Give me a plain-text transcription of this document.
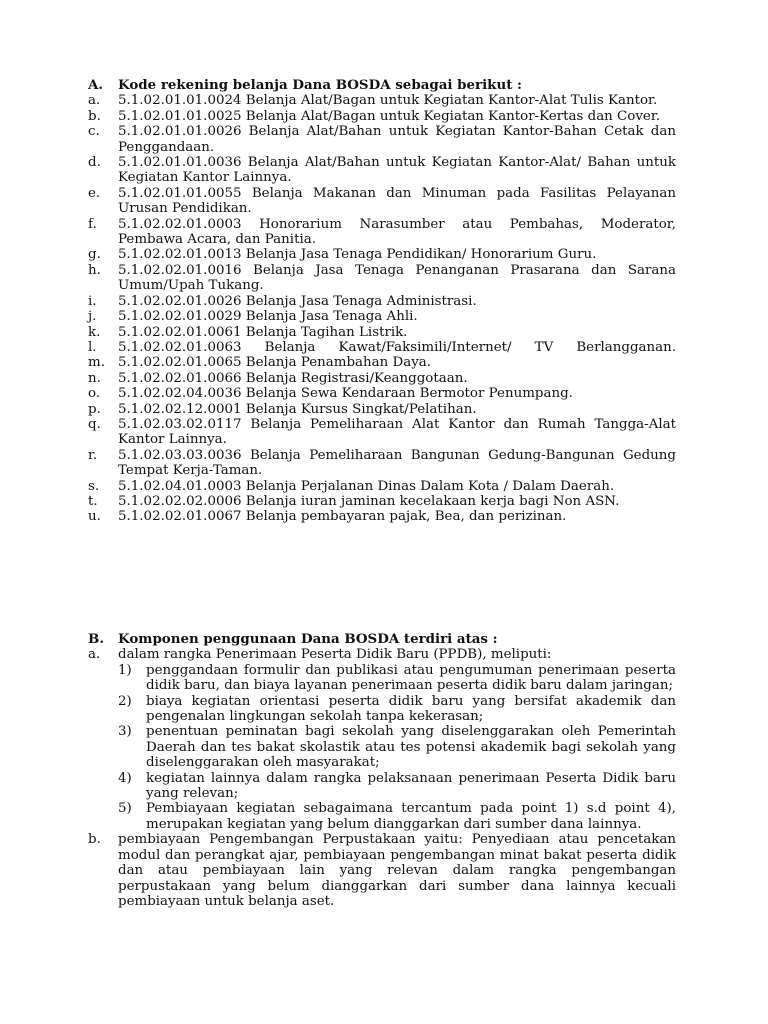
A. Kode rekening belanja Dana BOSDA sebagai berikut :
a. 5.1.02.01.01.0024 Belanja Alat/Bagan untuk Kegiatan Kantor-Alat Tulis Kantor.
b. 5.1.02.01.01.0025 Belanja Alat/Bagan untuk Kegiatan Kantor-Kertas dan Cover.
c. 5.1.02.01.01.0026 Belanja Alat/Bahan untuk Kegiatan Kantor-Bahan Cetak dan Penggandaan.
d. 5.1.02.01.01.0036 Belanja Alat/Bahan untuk Kegiatan Kantor-Alat/ Bahan untuk Kegiatan Kantor Lainnya.
e. 5.1.02.01.01.0055 Belanja Makanan dan Minuman pada Fasilitas Pelayanan Urusan Pendidikan.
f. 5.1.02.02.01.0003 Honorarium Narasumber atau Pembahas, Moderator, Pembawa Acara, dan Panitia.
g. 5.1.02.02.01.0013 Belanja Jasa Tenaga Pendidikan/ Honorarium Guru.
h. 5.1.02.02.01.0016 Belanja Jasa Tenaga Penanganan Prasarana dan Sarana Umum/Upah Tukang.
i. 5.1.02.02.01.0026 Belanja Jasa Tenaga Administrasi.
j. 5.1.02.02.01.0029 Belanja Jasa Tenaga Ahli.
k. 5.1.02.02.01.0061 Belanja Tagihan Listrik.
l. 5.1.02.02.01.0063 Belanja Kawat/Faksimili/Internet/ TV Berlangganan.
m. 5.1.02.02.01.0065 Belanja Penambahan Daya.
n. 5.1.02.02.01.0066 Belanja Registrasi/Keanggotaan.
o. 5.1.02.02.04.0036 Belanja Sewa Kendaraan Bermotor Penumpang.
p. 5.1.02.02.12.0001 Belanja Kursus Singkat/Pelatihan.
q. 5.1.02.03.02.0117 Belanja Pemeliharaan Alat Kantor dan Rumah Tangga-Alat Kantor Lainnya.
r. 5.1.02.03.03.0036 Belanja Pemeliharaan Bangunan Gedung-Bangunan Gedung Tempat Kerja-Taman.
s. 5.1.02.04.01.0003 Belanja Perjalanan Dinas Dalam Kota / Dalam Daerah.
t. 5.1.02.02.02.0006 Belanja iuran jaminan kecelakaan kerja bagi Non ASN.
u. 5.1.02.02.01.0067 Belanja pembayaran pajak, Bea, dan perizinan.
B. Komponen penggunaan Dana BOSDA terdiri atas :
a. dalam rangka Penerimaan Peserta Didik Baru (PPDB), meliputi:
1) penggandaan formulir dan publikasi atau pengumuman penerimaan peserta didik baru, dan biaya layanan penerimaan peserta didik baru dalam jaringan;
2) biaya kegiatan orientasi peserta didik baru yang bersifat akademik dan pengenalan lingkungan sekolah tanpa kekerasan;
3) penentuan peminatan bagi sekolah yang diselenggarakan oleh Pemerintah Daerah dan tes bakat skolastik atau tes potensi akademik bagi sekolah yang diselenggarakan oleh masyarakat;
4) kegiatan lainnya dalam rangka pelaksanaan penerimaan Peserta Didik baru yang relevan;
5) Pembiayaan kegiatan sebagaimana tercantum pada point 1) s.d point 4), merupakan kegiatan yang belum dianggarkan dari sumber dana lainnya.
b. pembiayaan Pengembangan Perpustakaan yaitu: Penyediaan atau pencetakan modul dan perangkat ajar, pembiayaan pengembangan minat bakat peserta didik dan atau pembiayaan lain yang relevan dalam rangka pengembangan perpustakaan yang belum dianggarkan dari sumber dana lainnya kecuali pembiayaan untuk belanja aset.
